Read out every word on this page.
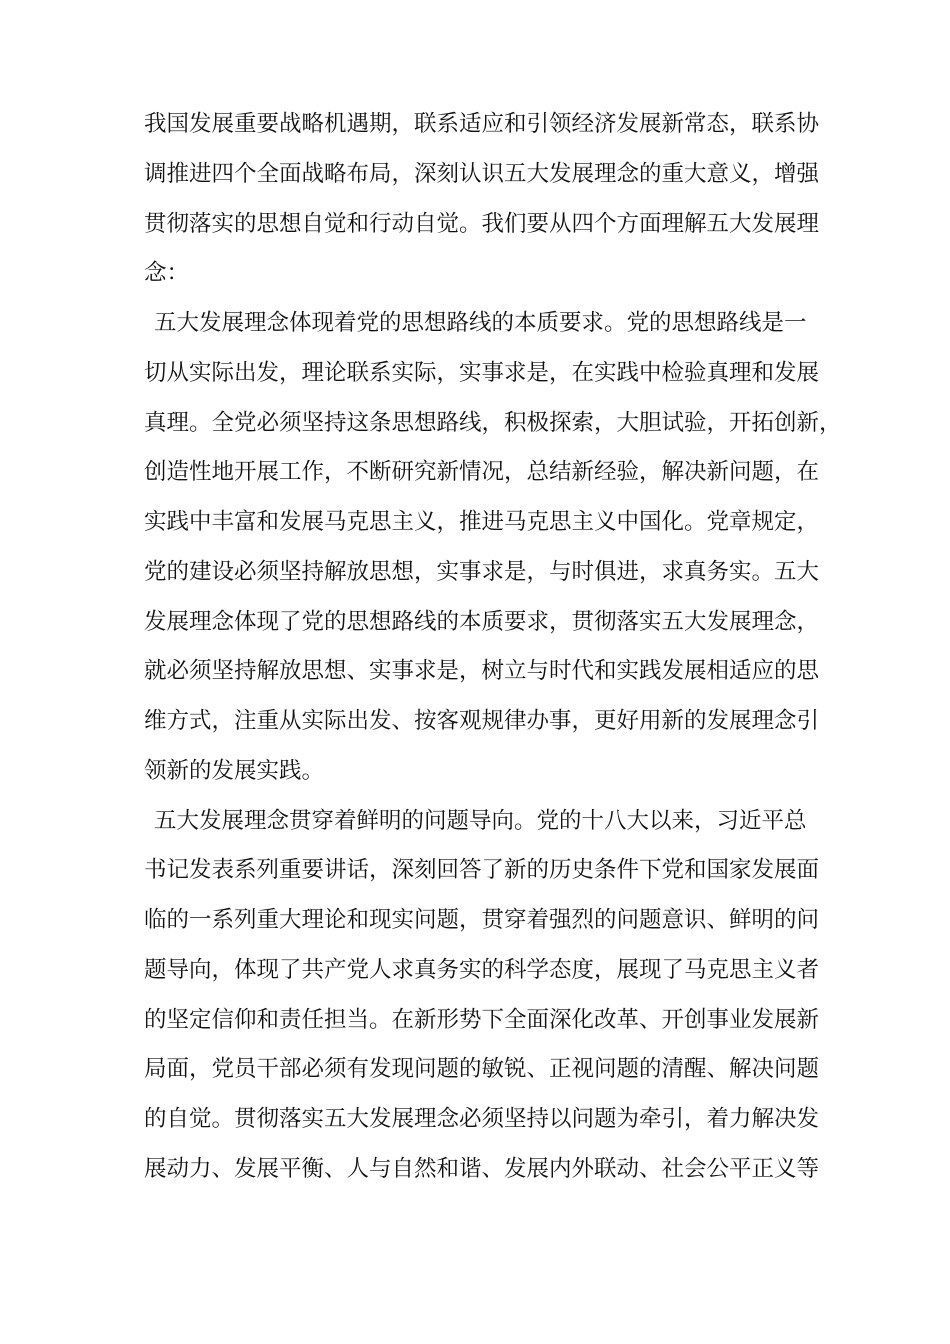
我国发展重要战略机遇期，联系适应和引领经济发展新常态，联系协
调推进四个全面战略布局，深刻认识五大发展理念的重大意义，增强
贯彻落实的思想自觉和行动自觉。我们要从四个方面理解五大发展理
念：
五大发展理念体现着党的思想路线的本质要求。党的思想路线是一
切从实际出发，理论联系实际，实事求是，在实践中检验真理和发展
真理。全党必须坚持这条思想路线，积极探索，大胆试验，开拓创新，
创造性地开展工作，不断研究新情况，总结新经验，解决新问题，在
实践中丰富和发展马克思主义，推进马克思主义中国化。党章规定，
党的建设必须坚持解放思想，实事求是，与时俱进，求真务实。五大
发展理念体现了党的思想路线的本质要求，贯彻落实五大发展理念，
就必须坚持解放思想、实事求是，树立与时代和实践发展相适应的思
维方式，注重从实际出发、按客观规律办事，更好用新的发展理念引
领新的发展实践。
五大发展理念贯穿着鲜明的问题导向。党的十八大以来，习近平总
书记发表系列重要讲话，深刻回答了新的历史条件下党和国家发展面
临的一系列重大理论和现实问题，贯穿着强烈的问题意识、鲜明的问
题导向，体现了共产党人求真务实的科学态度，展现了马克思主义者
的坚定信仰和责任担当。在新形势下全面深化改革、开创事业发展新
局面，党员干部必须有发现问题的敏锐、正视问题的清醒、解决问题
的自觉。贯彻落实五大发展理念必须坚持以问题为牵引，着力解决发
展动力、发展平衡、人与自然和谐、发展内外联动、社会公平正义等
